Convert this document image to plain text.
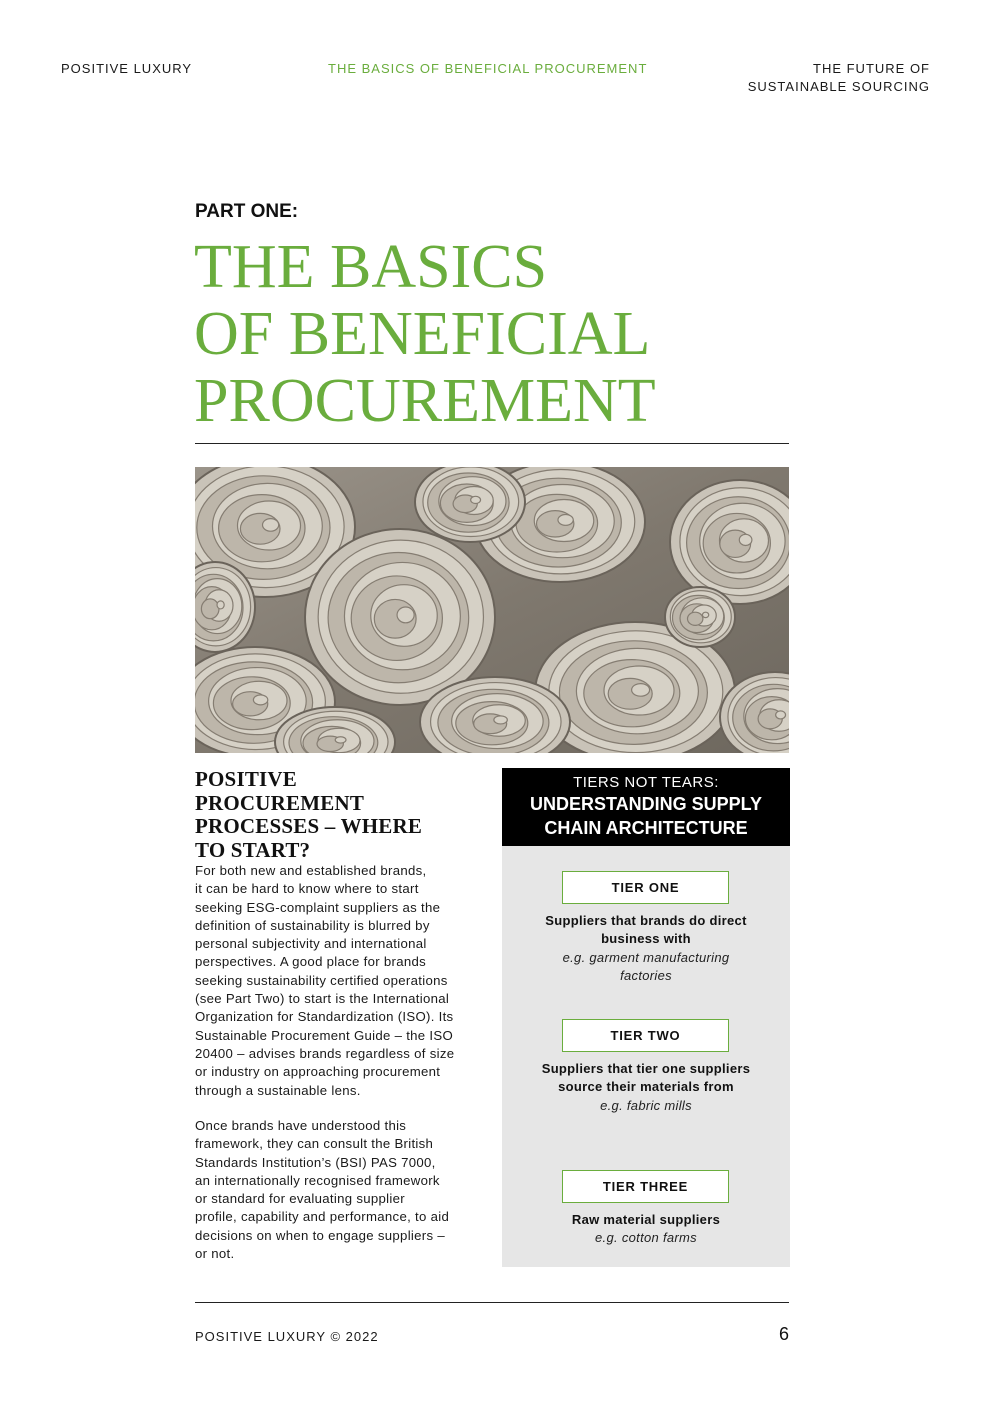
POSITIVE LUXURY	THE BASICS OF BENEFICIAL PROCUREMENT	THE FUTURE OF
SUSTAINABLE SOURCING
PART ONE:
THE BASICS
OF BENEFICIAL
PROCUREMENT
POSITIVE
PROCUREMENT
PROCESSES – WHERE
TO START?
For both new and established brands,
it can be hard to know where to start
seeking ESG-complaint suppliers as the
definition of sustainability is blurred by
personal subjectivity and international
perspectives. A good place for brands
seeking sustainability certified operations
(see Part Two) to start is the International
Organization for Standardization (ISO). Its
Sustainable Procurement Guide – the ISO
20400 – advises brands regardless of size
or industry on approaching procurement
through a sustainable lens.
Once brands have understood this
framework, they can consult the British
Standards Institution’s (BSI) PAS 7000,
an internationally recognised framework
or standard for evaluating supplier
profile, capability and performance, to aid
decisions on when to engage suppliers –
or not.
TIERS NOT TEARS:
UNDERSTANDING SUPPLY
CHAIN ARCHITECTURE
TIER ONE
Suppliers that brands do direct
business with
e.g. garment manufacturing
factories
TIER TWO
Suppliers that tier one suppliers
source their materials from
e.g. fabric mills
TIER THREE
Raw material suppliers
e.g. cotton farms
POSITIVE LUXURY © 2022	6
